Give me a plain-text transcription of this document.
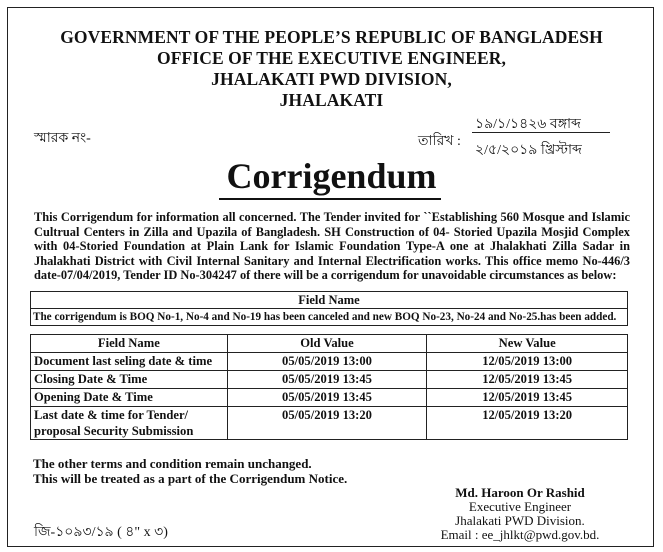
GOVERNMENT OF THE PEOPLE’S REPUBLIC OF BANGLADESH
OFFICE OF THE EXECUTIVE ENGINEER,
JHALAKATI PWD DIVISION,
JHALAKATI
স্মারক নং-	তারিখ :
১৯/১/১৪২৬ বঙ্গাব্দ
২/৫/২০১৯ খ্রিস্টাব্দ
Corrigendum
This Corrigendum for information all concerned. The Tender invited for ``Establishing 560 Mosque and Islamic Cultrual Centers in Zilla and Upazila of Bangladesh. SH Construction of 04- Storied Upazila Mosjid Complex with 04-Storied Foundation at Plain Lank for Islamic Foundation Type-A one at Jhalakhati Zilla Sadar in Jhalakhati District with Civil Internal Sanitary and Internal Electrification works. This office memo No-446/3 date-07/04/2019, Tender ID No-304247 of there will be a corrigendum for unavoidable circumstances as below:
Field Name
The corrigendum is BOQ No-1, No-4 and No-19 has been canceled and new BOQ No-23, No-24 and No-25.has been added.
Field Name	Old Value	New Value
Document last seling date & time	05/05/2019 13:00	12/05/2019 13:00
Closing Date & Time	05/05/2019 13:45	12/05/2019 13:45
Opening Date & Time	05/05/2019 13:45	12/05/2019 13:45

Last date & time for Tender/
proposal Security Submission	05/05/2019 13:20	12/05/2019 13:20
The other terms and condition remain unchanged.
This will be treated as a part of the Corrigendum Notice.
Md. Haroon Or Rashid
Executive Engineer
Jhalakati PWD Division.
Email : ee_jhlkt@pwd.gov.bd.
জি-১০৯৩/১৯ ( ৪" x ৩)
